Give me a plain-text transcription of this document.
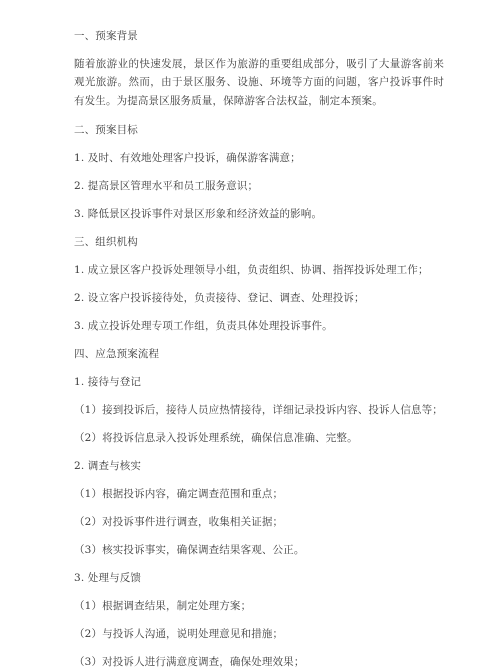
一、预案背景
随着旅游业的快速发展，景区作为旅游的重要组成部分，吸引了大量游客前来观光旅游。然而，由于景区服务、设施、环境等方面的问题，客户投诉事件时有发生。为提高景区服务质量，保障游客合法权益，制定本预案。
二、预案目标
1. 及时、有效地处理客户投诉，确保游客满意；
2. 提高景区管理水平和员工服务意识；
3. 降低景区投诉事件对景区形象和经济效益的影响。
三、组织机构
1. 成立景区客户投诉处理领导小组，负责组织、协调、指挥投诉处理工作；
2. 设立客户投诉接待处，负责接待、登记、调查、处理投诉；
3. 成立投诉处理专项工作组，负责具体处理投诉事件。
四、应急预案流程
1. 接待与登记
（1）接到投诉后，接待人员应热情接待，详细记录投诉内容、投诉人信息等；
（2）将投诉信息录入投诉处理系统，确保信息准确、完整。
2. 调查与核实
（1）根据投诉内容，确定调查范围和重点；
（2）对投诉事件进行调查，收集相关证据；
（3）核实投诉事实，确保调查结果客观、公正。
3. 处理与反馈
（1）根据调查结果，制定处理方案；
（2）与投诉人沟通，说明处理意见和措施；
（3）对投诉人进行满意度调查，确保处理效果；
